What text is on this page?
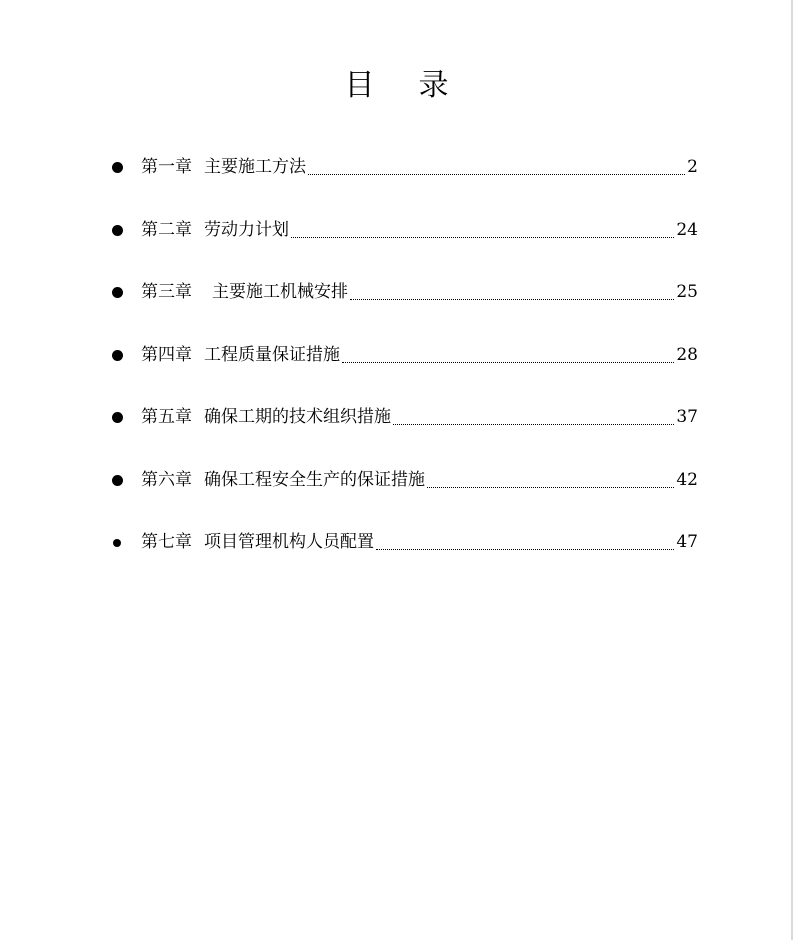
目 录
第一章 主要施工方法	2
第二章 劳动力计划	24
第三章 主要施工机械安排	25
第四章 工程质量保证措施	28
第五章 确保工期的技术组织措施	37
第六章 确保工程安全生产的保证措施	42
第七章 项目管理机构人员配置	47
